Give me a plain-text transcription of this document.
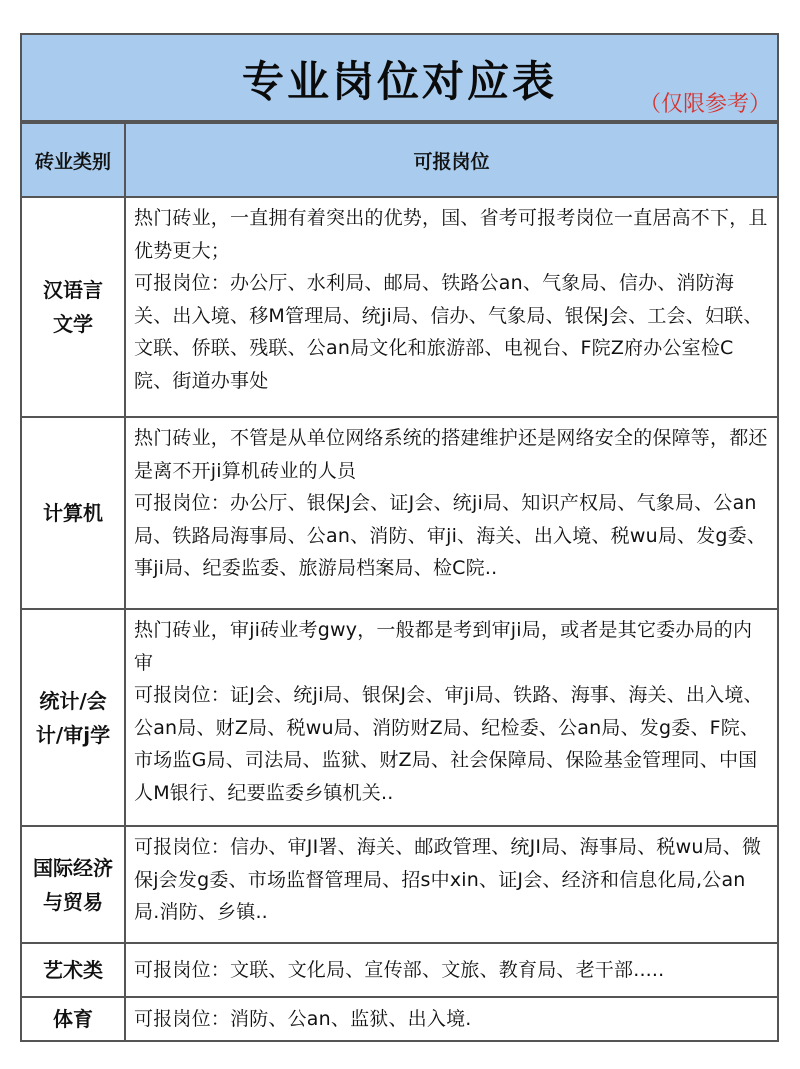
专业岗位对应表	（仅限参考）
砖业类别	可报岗位
汉语言文学	热门砖业，一直拥有着突出的优势，国、省考可报考岗位一直居高不下，且优势更大；
可报岗位：办公厅、水利局、邮局、铁路公an、气象局、信办、消防海关、出入境、移M管理局、统ji局、信办、气象局、银保J会、工会、妇联、文联、侨联、残联、公an局文化和旅游部、电视台、F院Z府办公室检C院、街道办事处

计算机	热门砖业，不管是从单位网络系统的搭建维护还是网络安全的保障等，都还是离不开ji算机砖业的人员
可报岗位：办公厅、银保J会、证J会、统ji局、知识产权局、气象局、公an局、铁路局海事局、公an、消防、审ji、海关、出入境、税wu局、发g委、事ji局、纪委监委、旅游局档案局、检C院..

统计/会计/审j学	热门砖业，审ji砖业考gwy，一般都是考到审ji局，或者是其它委办局的内审
可报岗位：证J会、统ji局、银保J会、审ji局、铁路、海事、海关、出入境、公an局、财Z局、税wu局、消防财Z局、纪检委、公an局、发g委、F院、市场监G局、司法局、监狱、财Z局、社会保障局、保险基金管理同、中国人M银行、纪要监委乡镇机关..

国际经济与贸易	可报岗位：信办、审JI署、海关、邮政管理、统JI局、海事局、税wu局、微保j会发g委、市场监督管理局、招s中xin、证J会、经济和信息化局,公an局.消防、乡镇..

艺术类	可报岗位：文联、文化局、宣传部、文旅、教育局、老干部.....

体育	可报岗位：消防、公an、监狱、出入境.
